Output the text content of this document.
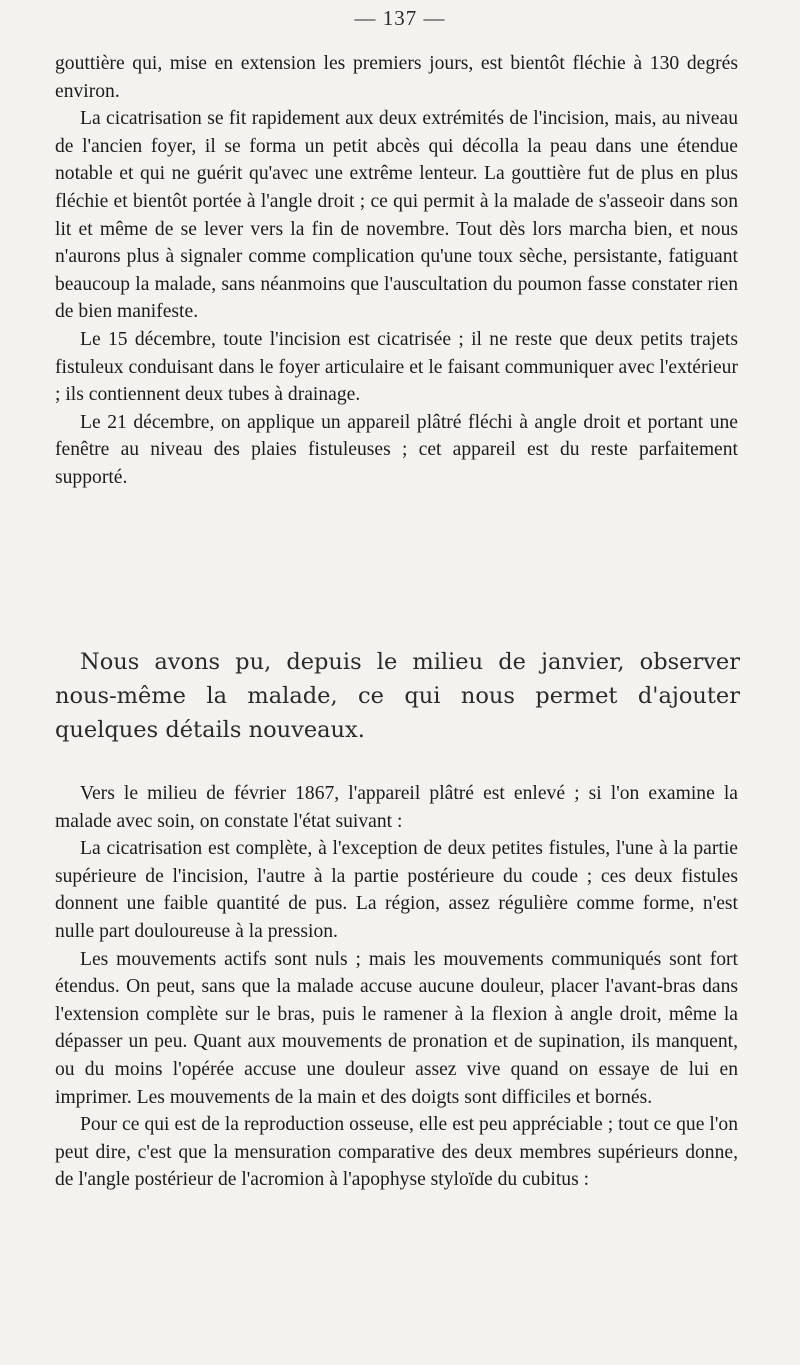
— 137 —

gouttière qui, mise en extension les premiers jours, est bientôt fléchie à 130 degrés environ.

La cicatrisation se fit rapidement aux deux extrémités de l'incision, mais, au niveau de l'ancien foyer, il se forma un petit abcès qui décolla la peau dans une étendue notable et qui ne guérit qu'avec une extrême lenteur. La gouttière fut de plus en plus fléchie et bientôt portée à l'angle droit ; ce qui permit à la malade de s'asseoir dans son lit et même de se lever vers la fin de novembre. Tout dès lors marcha bien, et nous n'aurons plus à signaler comme complication qu'une toux sèche, persistante, fatiguant beaucoup la malade, sans néanmoins que l'auscultation du poumon fasse constater rien de bien manifeste.

Le 15 décembre, toute l'incision est cicatrisée ; il ne reste que deux petits trajets fistuleux conduisant dans le foyer articulaire et le faisant communiquer avec l'extérieur ; ils contiennent deux tubes à drainage.

Le 21 décembre, on applique un appareil plâtré fléchi à angle droit et portant une fenêtre au niveau des plaies fistuleuses ; cet appareil est du reste parfaitement supporté.

Nous avons pu, depuis le milieu de janvier, observer nous-même la malade, ce qui nous permet d'ajouter quelques détails nouveaux.

Vers le milieu de février 1867, l'appareil plâtré est enlevé ; si l'on examine la malade avec soin, on constate l'état suivant :

La cicatrisation est complète, à l'exception de deux petites fistules, l'une à la partie supérieure de l'incision, l'autre à la partie postérieure du coude ; ces deux fistules donnent une faible quantité de pus. La région, assez régulière comme forme, n'est nulle part douloureuse à la pression.

Les mouvements actifs sont nuls ; mais les mouvements communiqués sont fort étendus. On peut, sans que la malade accuse aucune douleur, placer l'avant-bras dans l'extension complète sur le bras, puis le ramener à la flexion à angle droit, même la dépasser un peu. Quant aux mouvements de pronation et de supination, ils manquent, ou du moins l'opérée accuse une douleur assez vive quand on essaye de lui en imprimer. Les mouvements de la main et des doigts sont difficiles et bornés.

Pour ce qui est de la reproduction osseuse, elle est peu appréciable ; tout ce que l'on peut dire, c'est que la mensuration comparative des deux membres supérieurs donne, de l'angle postérieur de l'acromion à l'apophyse styloïde du cubitus :
